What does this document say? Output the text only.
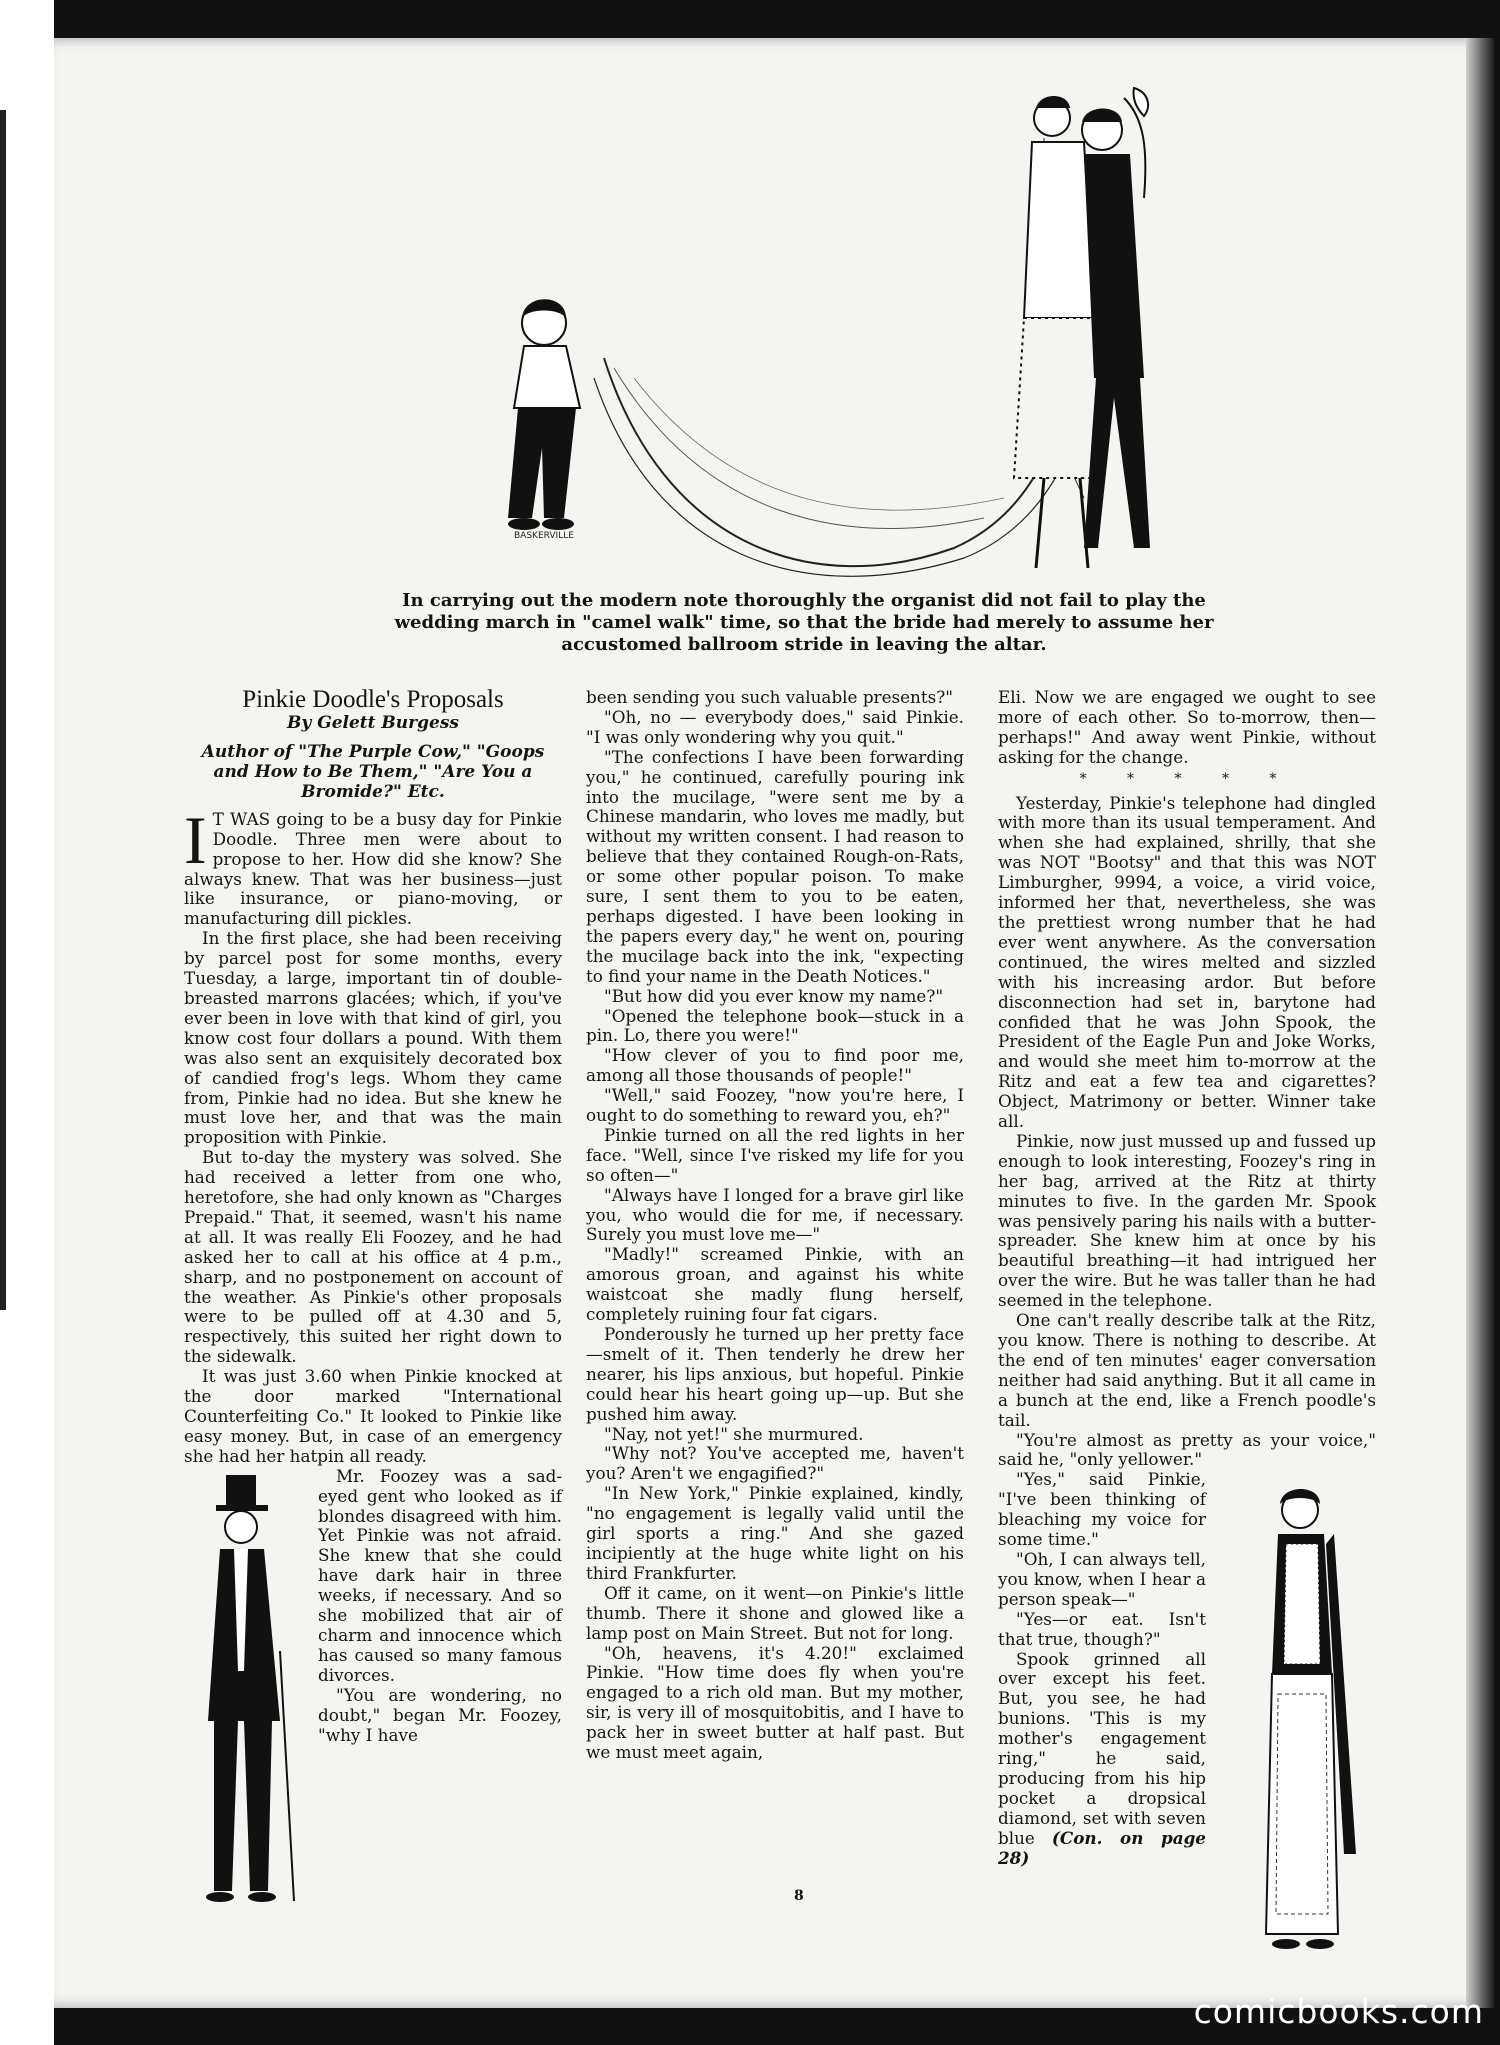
BASKERVILLE
In carrying out the modern note thoroughly the organist did not fail to play the wedding march in "camel walk" time, so that the bride had merely to assume her accustomed ballroom stride in leaving the altar.
Pinkie Doodle's Proposals
By Gelett Burgess
Author of "The Purple Cow," "Goops and How to Be Them," "Are You a Bromide?" Etc.

I T WAS going to be a busy day for Pinkie Doodle. Three men were about to propose to her. How did she know? She always knew. That was her business—just like insurance, or piano-moving, or manufacturing dill pickles.

In the first place, she had been receiving by parcel post for some months, every Tuesday, a large, important tin of double-breasted marrons glacées; which, if you've ever been in love with that kind of girl, you know cost four dollars a pound. With them was also sent an exquisitely decorated box of candied frog's legs. Whom they came from, Pinkie had no idea. But she knew he must love her, and that was the main proposition with Pinkie.

But to-day the mystery was solved. She had received a letter from one who, heretofore, she had only known as "Charges Prepaid." That, it seemed, wasn't his name at all. It was really Eli Foozey, and he had asked her to call at his office at 4 p.m., sharp, and no postponement on account of the weather. As Pinkie's other proposals were to be pulled off at 4.30 and 5, respectively, this suited her right down to the sidewalk.

It was just 3.60 when Pinkie knocked at the door marked "International Counterfeiting Co." It looked to Pinkie like easy money. But, in case of an emergency she had her hatpin all ready.

Mr. Foozey was a sad-eyed gent who looked as if blondes disagreed with him. Yet Pinkie was not afraid. She knew that she could have dark hair in three weeks, if necessary. And so she mobilized that air of charm and innocence which has caused so many famous divorces.

"You are wondering, no doubt," began Mr. Foozey, "why I have

been sending you such valuable presents?"

"Oh, no — everybody does," said Pinkie. "I was only wondering why you quit."

"The confections I have been forwarding you," he continued, carefully pouring ink into the mucilage, "were sent me by a Chinese mandarin, who loves me madly, but without my written consent. I had reason to believe that they contained Rough-on-Rats, or some other popular poison. To make sure, I sent them to you to be eaten, perhaps digested. I have been looking in the papers every day," he went on, pouring the mucilage back into the ink, "expecting to find your name in the Death Notices."

"But how did you ever know my name?"

"Opened the telephone book—stuck in a pin. Lo, there you were!"

"How clever of you to find poor me, among all those thousands of people!"

"Well," said Foozey, "now you're here, I ought to do something to reward you, eh?"

Pinkie turned on all the red lights in her face. "Well, since I've risked my life for you so often—"

"Always have I longed for a brave girl like you, who would die for me, if necessary. Surely you must love me—"

"Madly!" screamed Pinkie, with an amorous groan, and against his white waistcoat she madly flung herself, completely ruining four fat cigars.

Ponderously he turned up her pretty face—smelt of it. Then tenderly he drew her nearer, his lips anxious, but hopeful. Pinkie could hear his heart going up—up. But she pushed him away.

"Nay, not yet!" she murmured.

"Why not? You've accepted me, haven't you? Aren't we engagified?"

"In New York," Pinkie explained, kindly, "no engagement is legally valid until the girl sports a ring." And she gazed incipiently at the huge white light on his third Frankfurter.

Off it came, on it went—on Pinkie's little thumb. There it shone and glowed like a lamp post on Main Street. But not for long.

"Oh, heavens, it's 4.20!" exclaimed Pinkie. "How time does fly when you're engaged to a rich old man. But my mother, sir, is very ill of mosquitobitis, and I have to pack her in sweet butter at half past. But we must meet again,

Eli. Now we are engaged we ought to see more of each other. So to-morrow, then—perhaps!" And away went Pinkie, without asking for the change.

* * * * *

Yesterday, Pinkie's telephone had dingled with more than its usual temperament. And when she had explained, shrilly, that she was NOT "Bootsy" and that this was NOT Limburgher, 9994, a voice, a virid voice, informed her that, nevertheless, she was the prettiest wrong number that he had ever went anywhere. As the conversation continued, the wires melted and sizzled with his increasing ardor. But before disconnection had set in, barytone had confided that he was John Spook, the President of the Eagle Pun and Joke Works, and would she meet him to-morrow at the Ritz and eat a few tea and cigarettes? Object, Matrimony or better. Winner take all.

Pinkie, now just mussed up and fussed up enough to look interesting, Foozey's ring in her bag, arrived at the Ritz at thirty minutes to five. In the garden Mr. Spook was pensively paring his nails with a butter-spreader. She knew him at once by his beautiful breathing—it had intrigued her over the wire. But he was taller than he had seemed in the telephone.

One can't really describe talk at the Ritz, you know. There is nothing to describe. At the end of ten minutes' eager conversation neither had said anything. But it all came in a bunch at the end, like a French poodle's tail.

"You're almost as pretty as your voice," said he, "only yellower."

"Yes," said Pinkie, "I've been thinking of bleaching my voice for some time."

"Oh, I can always tell, you know, when I hear a person speak—"

"Yes—or eat. Isn't that true, though?"

Spook grinned all over except his feet. But, you see, he had bunions. 'This is my mother's engagement ring," he said, producing from his hip pocket a dropsical diamond, set with seven blue (Con. on page 28)

8
comicbooks.com
